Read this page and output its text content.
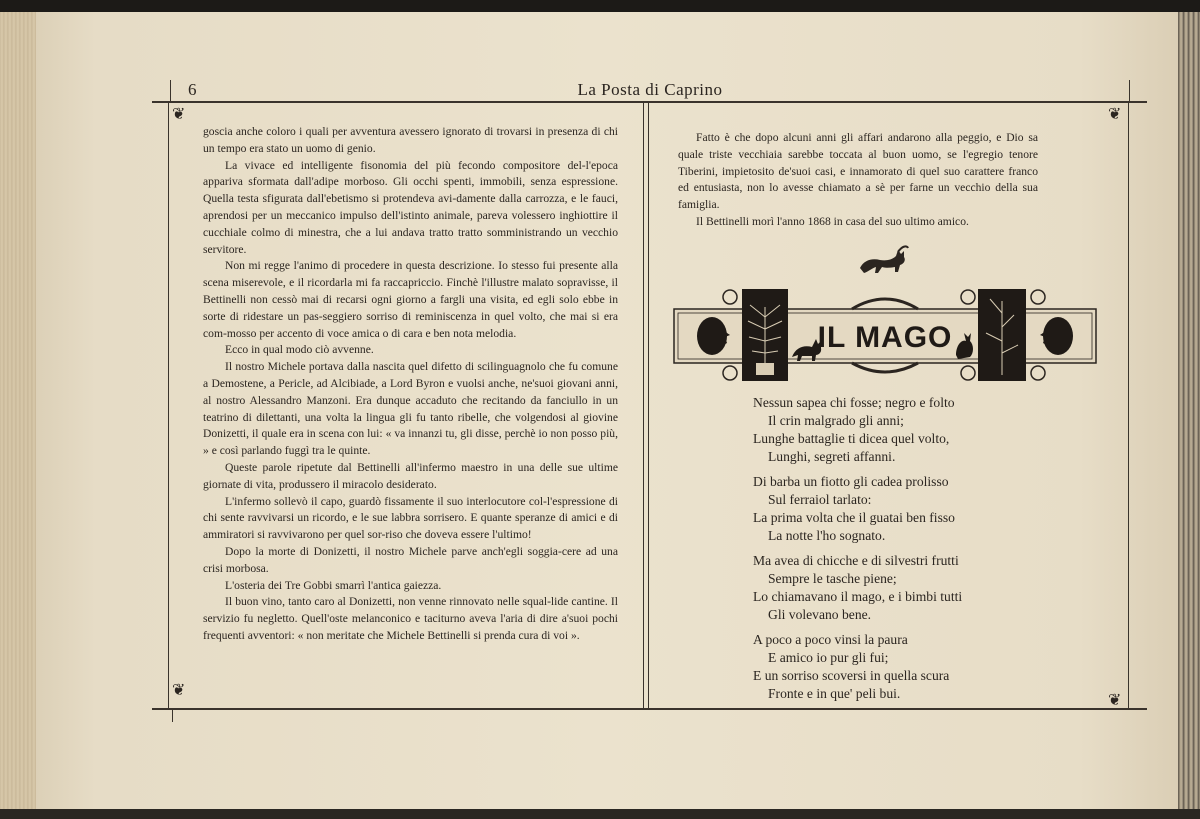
6	La Posta di Caprino
❦	❦
❦
❦

goscia anche coloro i quali per avventura avessero ignorato di trovarsi in presenza di chi un tempo era stato un uomo di genio.

La vivace ed intelligente fisonomia del più fecondo compositore del-l'epoca appariva sformata dall'adipe morboso. Gli occhi spenti, immobili, senza espressione. Quella testa sfigurata dall'ebetismo si protendeva avi-damente dalla carrozza, e le fauci, aprendosi per un meccanico impulso dell'istinto animale, pareva volessero inghiottire il cucchiale colmo di minestra, che a lui andava tratto tratto somministrando un vecchio servitore.

Non mi regge l'animo di procedere in questa descrizione. Io stesso fui presente alla scena miserevole, e il ricordarla mi fa raccapriccio. Finchè l'illustre malato sopravisse, il Bettinelli non cessò mai di recarsi ogni giorno a fargli una visita, ed egli solo ebbe in sorte di ridestare un pas-seggiero sorriso di reminiscenza in quel volto, che mai si era com-mosso per accento di voce amica o di cara e ben nota melodia.

Ecco in qual modo ciò avvenne.

Il nostro Michele portava dalla nascita quel difetto di scilinguagnolo che fu comune a Demostene, a Pericle, ad Alcibiade, a Lord Byron e vuolsi anche, ne'suoi giovani anni, al nostro Alessandro Manzoni. Era dunque accaduto che recitando da fanciullo in un teatrino di dilettanti, una volta la lingua gli fu tanto ribelle, che volgendosi al giovine Donizetti, il quale era in scena con lui: « va innanzi tu, gli disse, perchè io non posso più, » e così parlando fuggì tra le quinte.

Queste parole ripetute dal Bettinelli all'infermo maestro in una delle sue ultime giornate di vita, produssero il miracolo desiderato.

L'infermo sollevò il capo, guardò fissamente il suo interlocutore col-l'espressione di chi sente ravvivarsi un ricordo, e le sue labbra sorrisero. E quante speranze di amici e di ammiratori si ravvivarono per quel sor-riso che doveva essere l'ultimo!

Dopo la morte di Donizetti, il nostro Michele parve anch'egli soggia-cere ad una crisi morbosa.

L'osteria dei Tre Gobbi smarrì l'antica gaiezza.

Il buon vino, tanto caro al Donizetti, non venne rinnovato nelle squal-lide cantine. Il servizio fu negletto. Quell'oste melanconico e taciturno aveva l'aria di dire a'suoi pochi frequenti avventori: « non meritate che Michele Bettinelli si prenda cura di voi ».

Fatto è che dopo alcuni anni gli affari andarono alla peggio, e Dio sa quale triste vecchiaia sarebbe toccata al buon uomo, se l'egregio tenore Tiberini, impietosito de'suoi casi, e innamorato di quel suo carattere franco ed entusiasta, non lo avesse chiamato a sè per farne un vecchio della sua famiglia.

Il Bettinelli morì l'anno 1868 in casa del suo ultimo amico.

IL MAGO
Nessun sapea chi fosse; negro e folto
Il crin malgrado gli anni;
Lunghe battaglie ti dicea quel volto,
Lunghi, segreti affanni.
Di barba un fiotto gli cadea prolisso
Sul ferraiol tarlato:
La prima volta che il guatai ben fisso
La notte l'ho sognato.
Ma avea di chicche e di silvestri frutti
Sempre le tasche piene;
Lo chiamavano il mago, e i bimbi tutti
Gli volevano bene.
A poco a poco vinsi la paura
E amico io pur gli fui;
E un sorriso scoversi in quella scura
Fronte e in que' peli bui.
